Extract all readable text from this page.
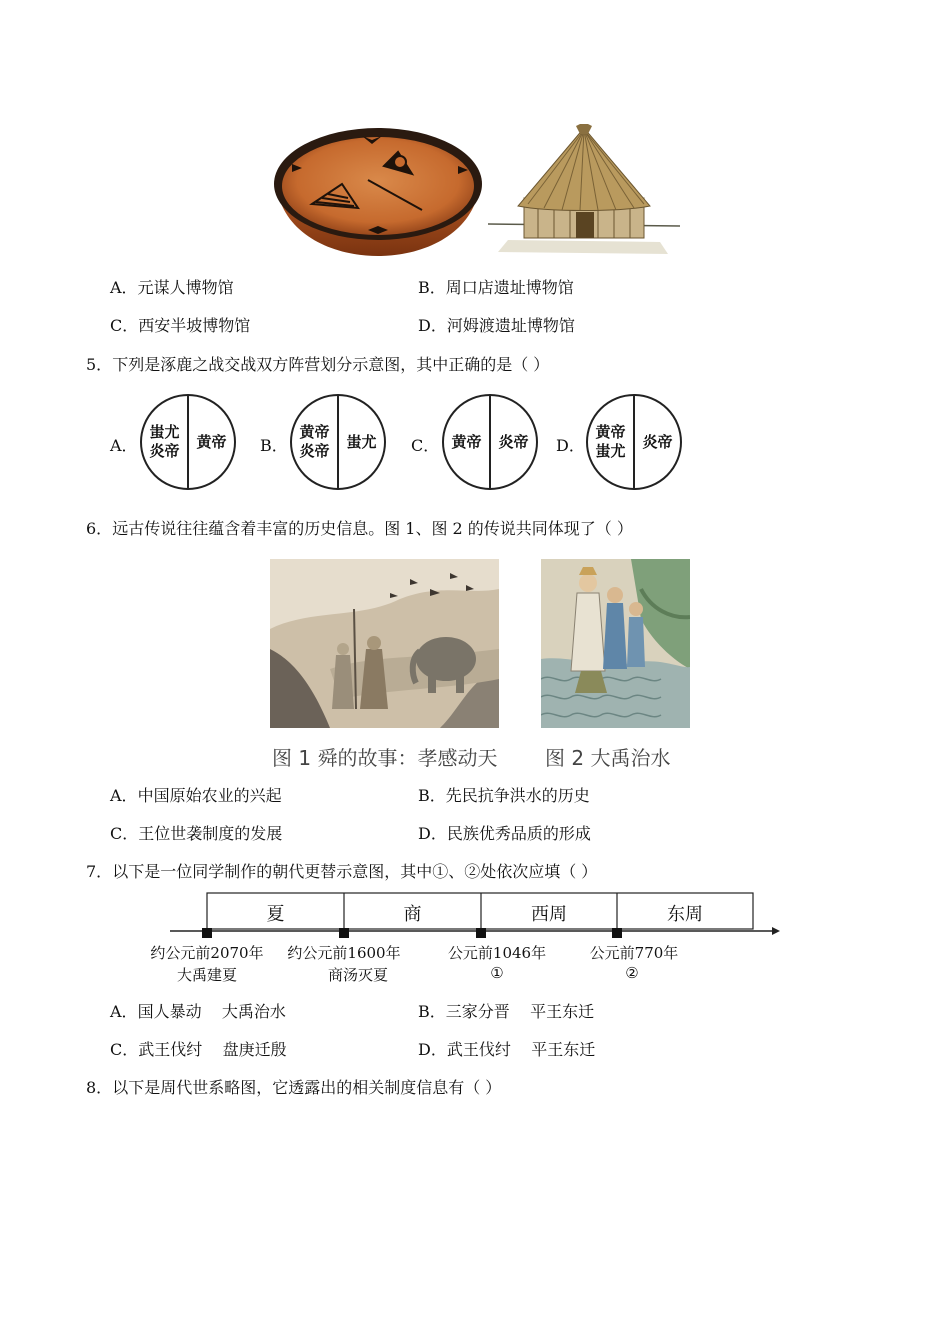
A．元谋人博物馆	B．周口店遗址博物馆
C．西安半坡博物馆	D．河姆渡遗址博物馆
5．下列是涿鹿之战交战双方阵营划分示意图，其中正确的是（ ）
A．
蚩尤
炎帝
黄帝 B．
黄帝
炎帝
蚩尤 C． 黄帝 炎帝 D．
黄帝
蚩尤
炎帝
6．远古传说往往蕴含着丰富的历史信息。图 1、图 2 的传说共同体现了（ ）
图 1 舜的故事：孝感动天 图 2 大禹治水
A．中国原始农业的兴起	B．先民抗争洪水的历史
C．王位世袭制度的发展	D．民族优秀品质的形成
7．以下是一位同学制作的朝代更替示意图，其中①、②处依次应填（ ）
夏	商	西周	东周
约公元前2070年 约公元前1600年	公元前1046年	公元前770年
大禹建夏	商汤灭夏	①	②
A．国人暴动    大禹治水	B．三家分晋    平王东迁
C．武王伐纣    盘庚迁殷	D．武王伐纣    平王东迁
8．以下是周代世系略图，它透露出的相关制度信息有（ ）
